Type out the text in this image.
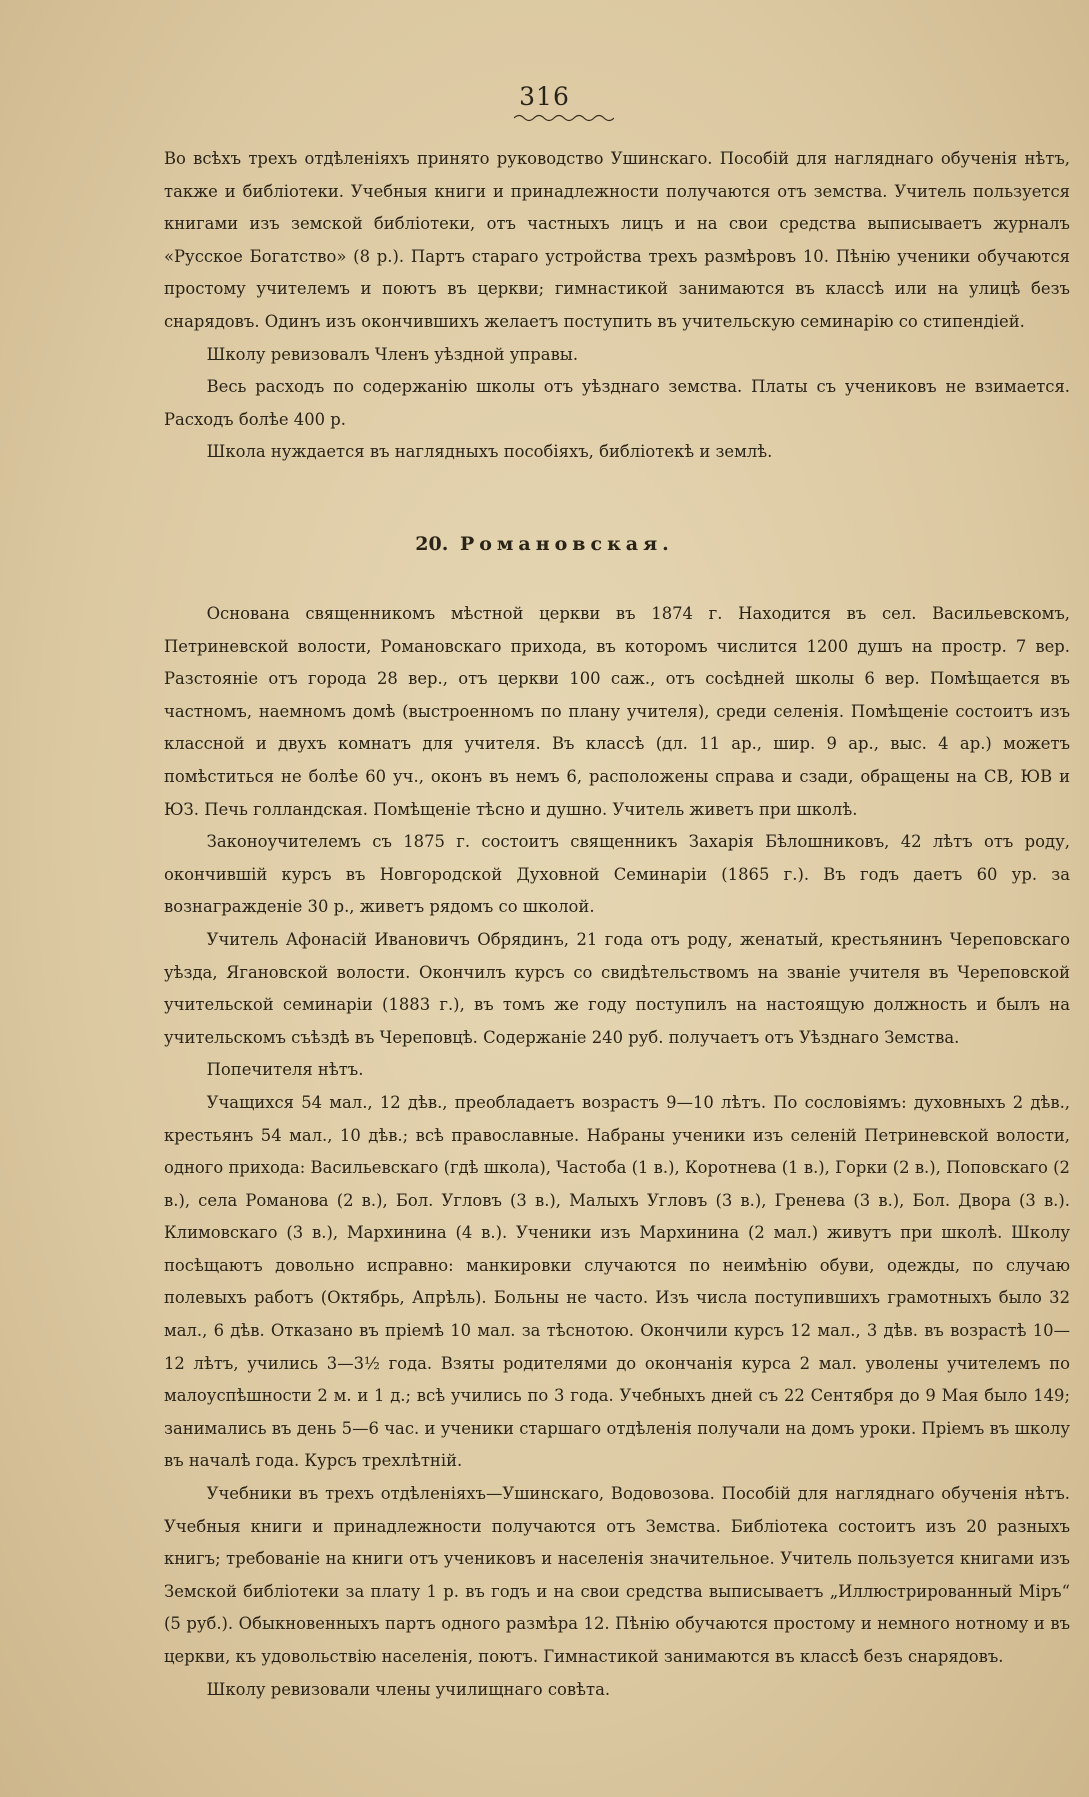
316

Во всѣхъ трехъ отдѣленіяхъ принято руководство Ушинскаго. Пособій для нагляднаго обученія нѣтъ, также и библіотеки. Учебныя книги и принадлежности получаются отъ земства. Учитель пользуется книгами изъ земской библіотеки, отъ частныхъ лицъ и на свои средства выписываетъ журналъ «Русское Богатство» (8 р.). Партъ стараго устройства трехъ размѣровъ 10. Пѣнію ученики обучаются простому учителемъ и поютъ въ церкви; гимнастикой занимаются въ классѣ или на улицѣ безъ снарядовъ. Одинъ изъ окончившихъ желаетъ поступить въ учительскую семинарію со стипендіей.

Школу ревизовалъ Членъ уѣздной управы.

Весь расходъ по содержанію школы отъ уѣзднаго земства. Платы съ учениковъ не взимается. Расходъ болѣе 400 р.

Школа нуждается въ наглядныхъ пособіяхъ, библіотекѣ и землѣ.

20. Романовская.

Основана священникомъ мѣстной церкви въ 1874 г. Находится въ сел. Васильевскомъ, Петриневской волости, Романовскаго прихода, въ которомъ числится 1200 душъ на простр. 7 вер. Разстояніе отъ города 28 вер., отъ церкви 100 саж., отъ сосѣдней школы 6 вер. Помѣщается въ частномъ, наемномъ домѣ (выстроенномъ по плану учителя), среди селенія. Помѣщеніе состоитъ изъ классной и двухъ комнатъ для учителя. Въ классѣ (дл. 11 ар., шир. 9 ар., выс. 4 ар.) можетъ помѣститься не болѣе 60 уч., оконъ въ немъ 6, расположены справа и сзади, обращены на СВ, ЮВ и ЮЗ. Печь голландская. Помѣщеніе тѣсно и душно. Учитель живетъ при школѣ.

Законоучителемъ съ 1875 г. состоитъ священникъ Захарія Бѣлошниковъ, 42 лѣтъ отъ роду, окончившій курсъ въ Новгородской Духовной Семинаріи (1865 г.). Въ годъ даетъ 60 ур. за вознагражденіе 30 р., живетъ рядомъ со школой.

Учитель Афонасій Ивановичъ Обрядинъ, 21 года отъ роду, женатый, крестьянинъ Череповскаго уѣзда, Ягановской волости. Окончилъ курсъ со свидѣтельствомъ на званіе учителя въ Череповской учительской семинаріи (1883 г.), въ томъ же году поступилъ на настоящую должность и былъ на учительскомъ съѣздѣ въ Череповцѣ. Содержаніе 240 руб. получаетъ отъ Уѣзднаго Земства.

Попечителя нѣтъ.

Учащихся 54 мал., 12 дѣв., преобладаетъ возрастъ 9—10 лѣтъ. По сословіямъ: духовныхъ 2 дѣв., крестьянъ 54 мал., 10 дѣв.; всѣ православные. Набраны ученики изъ селеній Петриневской волости, одного прихода: Васильевскаго (гдѣ школа), Частоба (1 в.), Коротнева (1 в.), Горки (2 в.), Поповскаго (2 в.), села Романова (2 в.), Бол. Угловъ (3 в.), Малыхъ Угловъ (3 в.), Гренева (3 в.), Бол. Двора (3 в.). Климовскаго (3 в.), Мархинина (4 в.). Ученики изъ Мархинина (2 мал.) живутъ при школѣ. Школу посѣщаютъ довольно исправно: манкировки случаются по неимѣнію обуви, одежды, по случаю полевыхъ работъ (Октябрь, Апрѣль). Больны не часто. Изъ числа поступившихъ грамотныхъ было 32 мал., 6 дѣв. Отказано въ пріемѣ 10 мал. за тѣснотою. Окончили курсъ 12 мал., 3 дѣв. въ возрастѣ 10—12 лѣтъ, учились 3—3½ года. Взяты родителями до окончанія курса 2 мал. уволены учителемъ по малоуспѣшности 2 м. и 1 д.; всѣ учились по 3 года. Учебныхъ дней съ 22 Сентября до 9 Мая было 149; занимались въ день 5—6 час. и ученики старшаго отдѣленія получали на домъ уроки. Пріемъ въ школу въ началѣ года. Курсъ трехлѣтній.

Учебники въ трехъ отдѣленіяхъ—Ушинскаго, Водовозова. Пособій для нагляднаго обученія нѣтъ. Учебныя книги и принадлежности получаются отъ Земства. Библіотека состоитъ изъ 20 разныхъ книгъ; требованіе на книги отъ учениковъ и населенія значительное. Учитель пользуется книгами изъ Земской библіотеки за плату 1 р. въ годъ и на свои средства выписываетъ „Иллюстрированный Міръ“ (5 руб.). Обыкновенныхъ партъ одного размѣра 12. Пѣнію обучаются простому и немного нотному и въ церкви, къ удовольствію населенія, поютъ. Гимнастикой занимаются въ классѣ безъ снарядовъ.

Школу ревизовали члены училищнаго совѣта.
